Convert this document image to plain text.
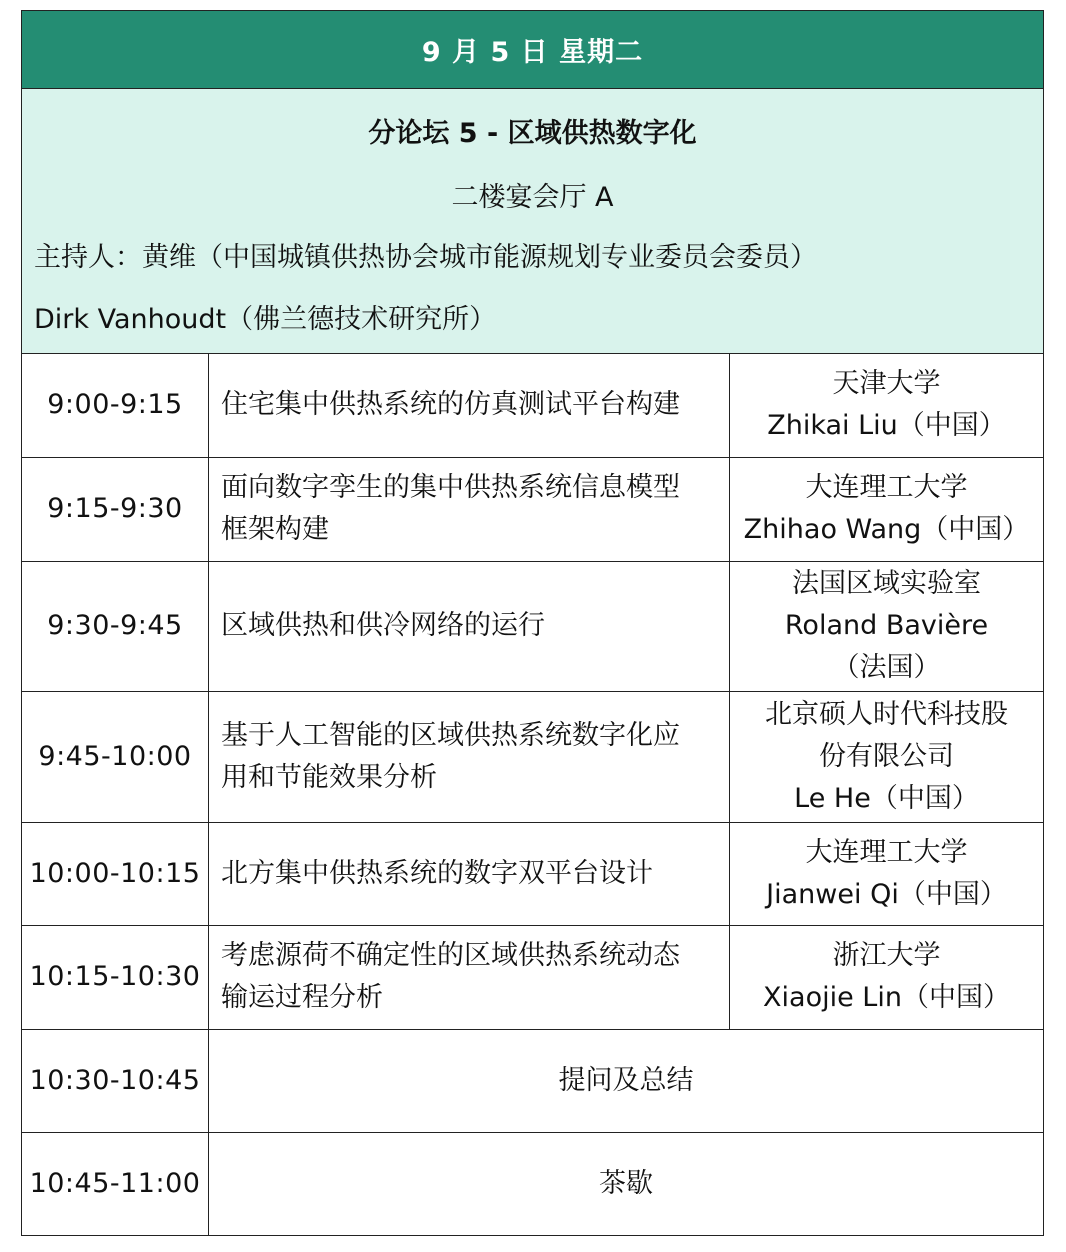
9 月 5 日 星期二
分论坛 5 - 区域供热数字化
二楼宴会厅 A
主持人：黄维（中国城镇供热协会城市能源规划专业委员会委员）
Dirk Vanhoudt（佛兰德技术研究所）
9:00-9:15	住宅集中供热系统的仿真测试平台构建	天津大学
Zhikai Liu（中国）

9:15-9:30	面向数字孪生的集中供热系统信息模型
框架构建	大连理工大学
Zhihao Wang（中国）

9:30-9:45	区域供热和供冷网络的运行	法国区域实验室
Roland Bavière
（法国）

9:45-10:00	基于人工智能的区域供热系统数字化应
用和节能效果分析	北京硕人时代科技股
份有限公司
Le He（中国）

10:00-10:15	北方集中供热系统的数字双平台设计	大连理工大学
Jianwei Qi（中国）

10:15-10:30	考虑源荷不确定性的区域供热系统动态
输运过程分析	浙江大学
Xiaojie Lin（中国）

10:30-10:45	提问及总结	
10:45-11:00	茶歇	
